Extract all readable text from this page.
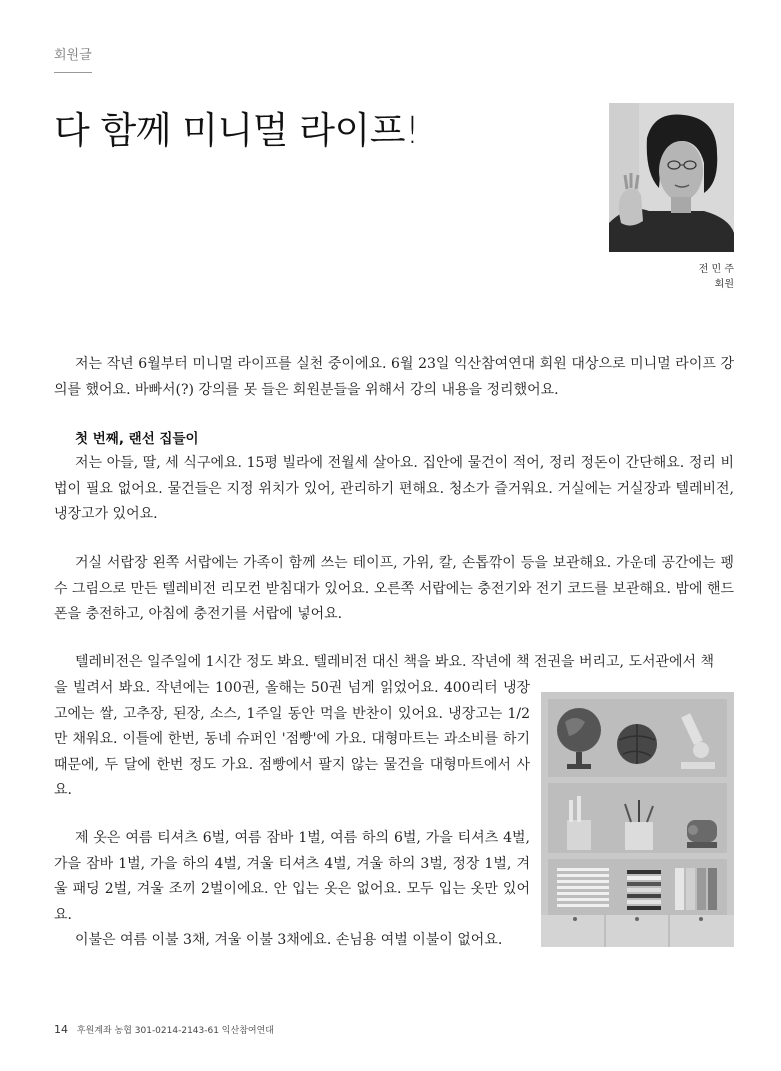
회원글
다 함께 미니멀 라이프!
전 민 주
회원

저는 작년 6월부터 미니멀 라이프를 실천 중이에요. 6월 23일 익산참여연대 회원 대상으로 미니멀 라이프 강의를 했어요. 바빠서(?) 강의를 못 들은 회원분들을 위해서 강의 내용을 정리했어요.

첫 번째, 랜선 집들이

저는 아들, 딸, 세 식구에요. 15평 빌라에 전월세 살아요. 집안에 물건이 적어, 정리 정돈이 간단해요. 정리 비법이 필요 없어요. 물건들은 지정 위치가 있어, 관리하기 편해요. 청소가 즐거워요. 거실에는 거실장과 텔레비전, 냉장고가 있어요.

거실 서랍장 왼쪽 서랍에는 가족이 함께 쓰는 테이프, 가위, 칼, 손톱깎이 등을 보관해요. 가운데 공간에는 펭수 그림으로 만든 텔레비전 리모컨 받침대가 있어요. 오른쪽 서랍에는 충전기와 전기 코드를 보관해요. 밤에 핸드폰을 충전하고, 아침에 충전기를 서랍에 넣어요.

텔레비전은 일주일에 1시간 정도 봐요. 텔레비전 대신 책을 봐요. 작년에 책 전권을 버리고, 도서관에서 책

을 빌려서 봐요. 작년에는 100권, 올해는 50권 넘게 읽었어요. 400리터 냉장고에는 쌀, 고추장, 된장, 소스, 1주일 동안 먹을 반찬이 있어요. 냉장고는 1/2만 채워요. 이틀에 한번, 동네 슈퍼인 '점빵'에 가요. 대형마트는 과소비를 하기 때문에, 두 달에 한번 정도 가요. 점빵에서 팔지 않는 물건을 대형마트에서 사요.

제 옷은 여름 티셔츠 6벌, 여름 잠바 1벌, 여름 하의 6벌, 가을 티셔츠 4벌, 가을 잠바 1벌, 가을 하의 4벌, 겨울 티셔츠 4벌, 겨울 하의 3벌, 정장 1벌, 겨울 패딩 2벌, 겨울 조끼 2벌이에요. 안 입는 옷은 없어요. 모두 입는 옷만 있어요.

이불은 여름 이불 3채, 겨울 이불 3채에요. 손님용 여벌 이불이 없어요.

14 후원계좌 농협 301-0214-2143-61 익산참여연대
